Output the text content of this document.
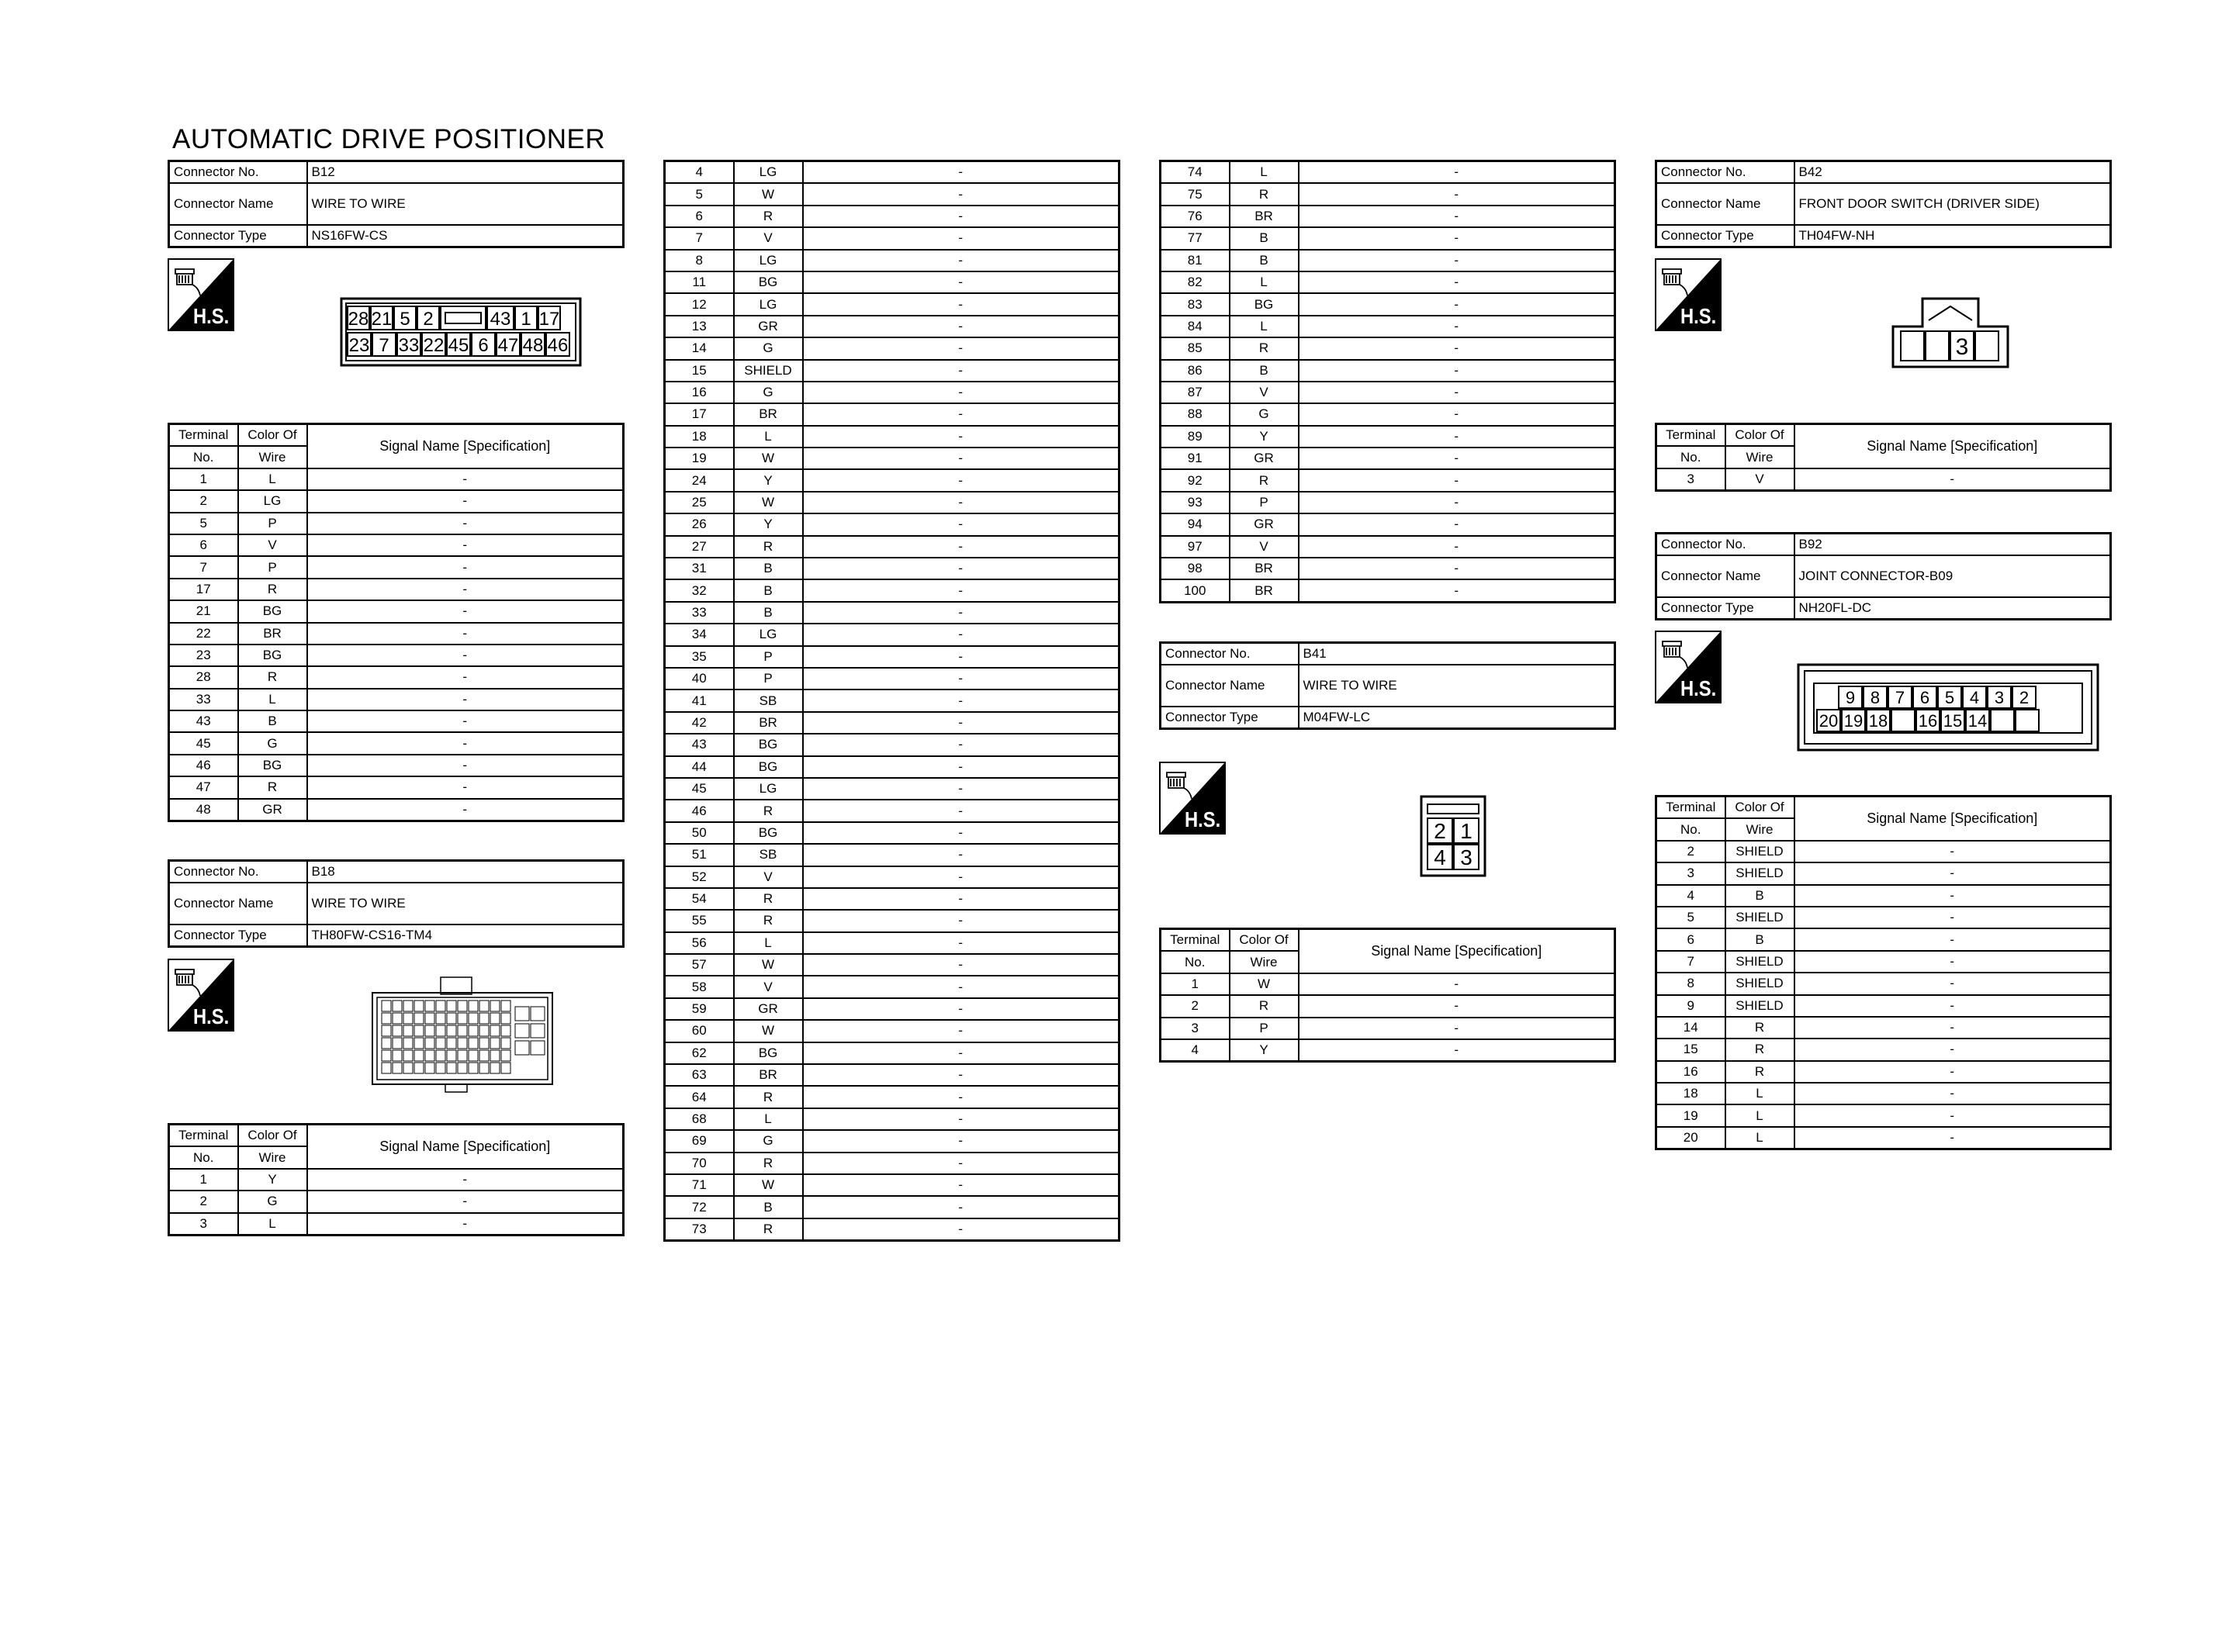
AUTOMATIC DRIVE POSITIONER
Connector No.	B12
Connector Name	WIRE TO WIRE
Connector Type	NS16FW-CS
H.S.	28 21 5 2	43 1 17
23 7 33 22 45 6 47 48 46
Terminal	Color Of	Signal Name [Specification]
No.	Wire	
1	L	-
2	LG	-
5	P	-
6	V	-
7	P	-
17	R	-
21	BG	-
22	BR	-
23	BG	-
28	R	-
33	L	-
43	B	-
45	G	-
46	BG	-
47	R	-
48	GR	-
Connector No.	B18
Connector Name	WIRE TO WIRE
Connector Type	TH80FW-CS16-TM4
H.S.
Terminal	Color Of	Signal Name [Specification]
No.	Wire	
1	Y	-
2	G	-
3	L	-
4	LG	-
5	W	-
6	R	-
7	V	-
8	LG	-
11	BG	-
12	LG	-
13	GR	-
14	G	-
15	SHIELD	-
16	G	-
17	BR	-
18	L	-
19	W	-
24	Y	-
25	W	-
26	Y	-
27	R	-
31	B	-
32	B	-
33	B	-
34	LG	-
35	P	-
40	P	-
41	SB	-
42	BR	-
43	BG	-
44	BG	-
45	LG	-
46	R	-
50	BG	-
51	SB	-
52	V	-
54	R	-
55	R	-
56	L	-
57	W	-
58	V	-
59	GR	-
60	W	-
62	BG	-
63	BR	-
64	R	-
68	L	-
69	G	-
70	R	-
71	W	-
72	B	-
73	R	-
74	L	-
75	R	-
76	BR	-
77	B	-
81	B	-
82	L	-
83	BG	-
84	L	-
85	R	-
86	B	-
87	V	-
88	G	-
89	Y	-
91	GR	-
92	R	-
93	P	-
94	GR	-
97	V	-
98	BR	-
100	BR	-
Connector No.	B41
Connector Name	WIRE TO WIRE
Connector Type	M04FW-LC
H.S.	2 1
4 3
Terminal	Color Of	Signal Name [Specification]
No.	Wire	
1	W	-
2	R	-
3	P	-
4	Y	-
Connector No.	B42
Connector Name	FRONT DOOR SWITCH (DRIVER SIDE)
Connector Type	TH04FW-NH
H.S.
3
Terminal	Color Of	Signal Name [Specification]
No.	Wire	
3	V	-
Connector No.	B92
Connector Name	JOINT CONNECTOR-B09
Connector Type	NH20FL-DC
H.S.	9 8 7 6 5 4 3 2
20 19 18 16 15 14
Terminal	Color Of	Signal Name [Specification]
No.	Wire	
2	SHIELD	-
3	SHIELD	-
4	B	-
5	SHIELD	-
6	B	-
7	SHIELD	-
8	SHIELD	-
9	SHIELD	-
14	R	-
15	R	-
16	R	-
18	L	-
19	L	-
20	L	-
